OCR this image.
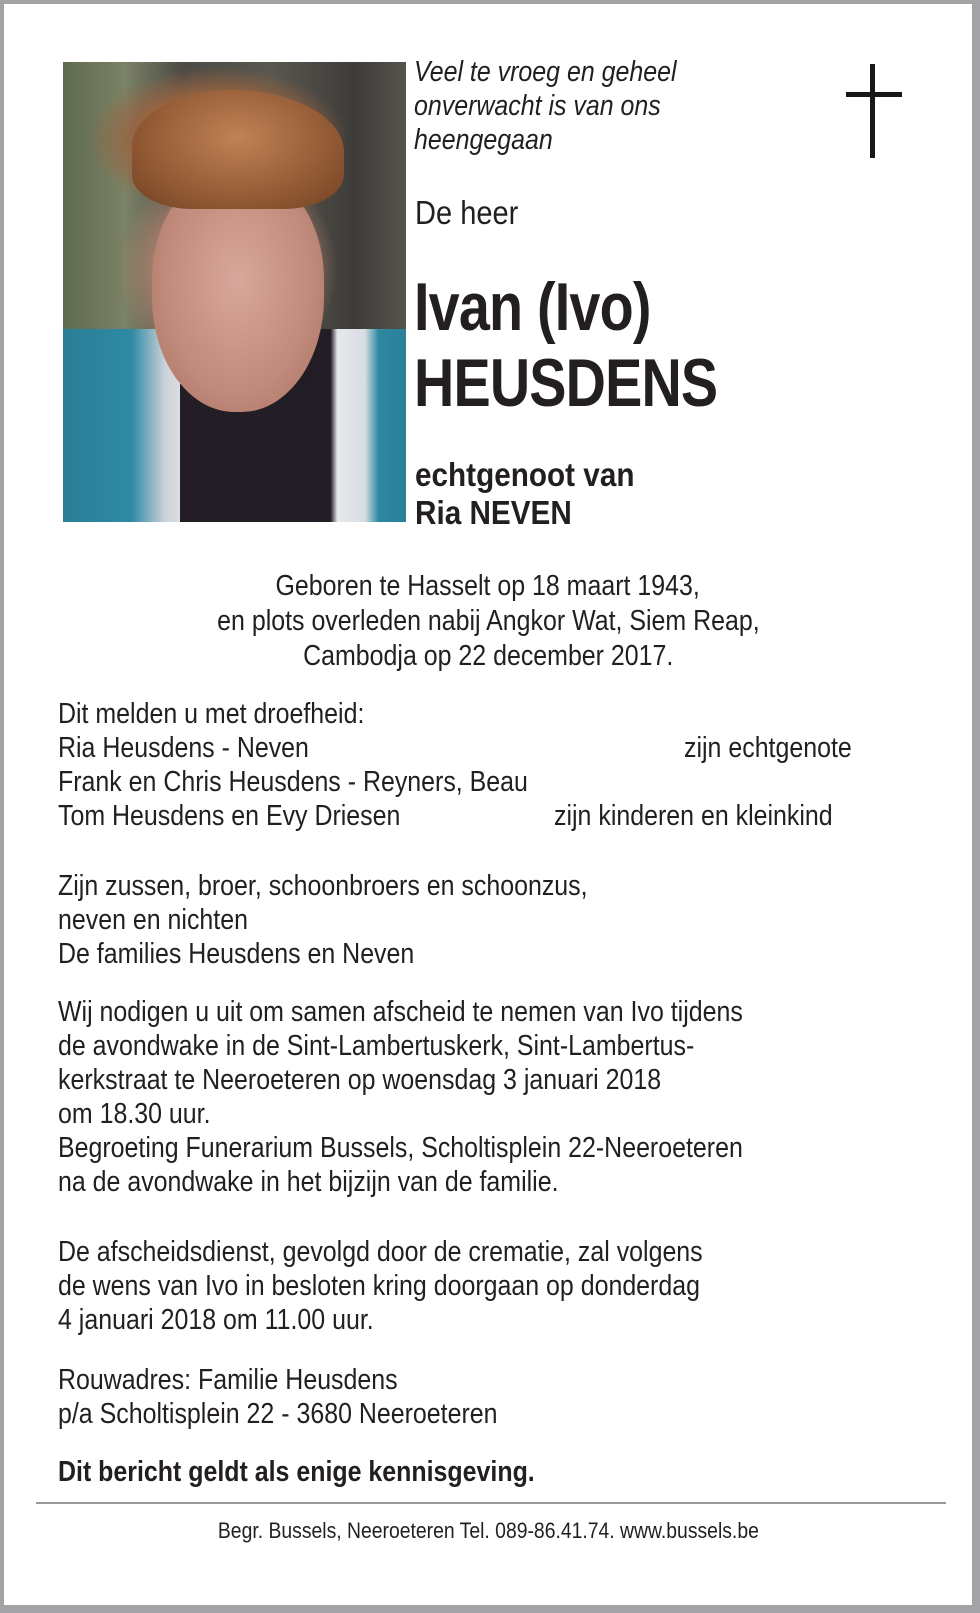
Veel te vroeg en geheel
onverwacht is van ons
heengegaan
De heer
Ivan (Ivo)
HEUSDENS
echtgenoot van
Ria NEVEN
Geboren te Hasselt op 18 maart 1943,
en plots overleden nabij Angkor Wat, Siem Reap,
Cambodja op 22 december 2017.
Dit melden u met droefheid:
Ria Heusdens - Neven	zijn echtgenote
Frank en Chris Heusdens - Reyners, Beau
Tom Heusdens en Evy Driesen	zijn kinderen en kleinkind
Zijn zussen, broer, schoonbroers en schoonzus,
neven en nichten
De families Heusdens en Neven
Wij nodigen u uit om samen afscheid te nemen van Ivo tijdens
de avondwake in de Sint-Lambertuskerk, Sint-Lambertus-
kerkstraat te Neeroeteren op woensdag 3 januari 2018
om 18.30 uur.
Begroeting Funerarium Bussels, Scholtisplein 22-Neeroeteren
na de avondwake in het bijzijn van de familie.
De afscheidsdienst, gevolgd door de crematie, zal volgens
de wens van Ivo in besloten kring doorgaan op donderdag
4 januari 2018 om 11.00 uur.
Rouwadres: Familie Heusdens
p/a Scholtisplein 22 - 3680 Neeroeteren
Dit bericht geldt als enige kennisgeving.
Begr. Bussels, Neeroeteren Tel. 089-86.41.74. www.bussels.be
